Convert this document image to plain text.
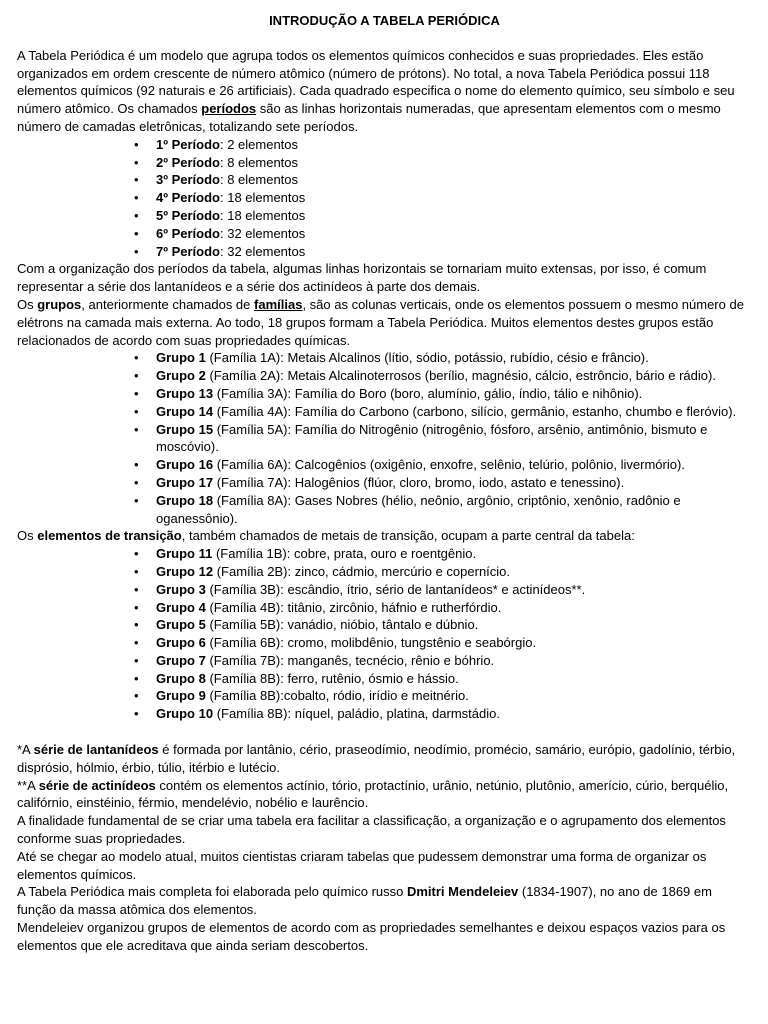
INTRODUÇÃO A TABELA PERIÓDICA

A Tabela Periódica é um modelo que agrupa todos os elementos químicos conhecidos e suas propriedades. Eles estão organizados em ordem crescente de número atômico (número de prótons). No total, a nova Tabela Periódica possui 118 elementos químicos (92 naturais e 26 artificiais). Cada quadrado especifica o nome do elemento químico, seu símbolo e seu número atômico. Os chamados períodos são as linhas horizontais numeradas, que apresentam elementos com o mesmo número de camadas eletrônicas, totalizando sete períodos.

• 1º Período: 2 elementos
• 2º Período: 8 elementos
• 3º Período: 8 elementos
• 4º Período: 18 elementos
• 5º Período: 18 elementos
• 6º Período: 32 elementos
• 7º Período: 32 elementos

Com a organização dos períodos da tabela, algumas linhas horizontais se tornariam muito extensas, por isso, é comum representar a série dos lantanídeos e a série dos actinídeos à parte dos demais.

Os grupos, anteriormente chamados de famílias, são as colunas verticais, onde os elementos possuem o mesmo número de elétrons na camada mais externa. Ao todo, 18 grupos formam a Tabela Periódica. Muitos elementos destes grupos estão relacionados de acordo com suas propriedades químicas.

• Grupo 1 (Família 1A): Metais Alcalinos (lítio, sódio, potássio, rubídio, césio e frâncio).
• Grupo 2 (Família 2A): Metais Alcalinoterrosos (berílio, magnésio, cálcio, estrôncio, bário e rádio).
• Grupo 13 (Família 3A): Família do Boro (boro, alumínio, gálio, índio, tálio e nihônio).
• Grupo 14 (Família 4A): Família do Carbono (carbono, silício, germânio, estanho, chumbo e fleróvio).
• Grupo 15 (Família 5A): Família do Nitrogênio (nitrogênio, fósforo, arsênio, antimônio, bismuto e moscóvio).
• Grupo 16 (Família 6A): Calcogênios (oxigênio, enxofre, selênio, telúrio, polônio, livermório).
• Grupo 17 (Família 7A): Halogênios (flúor, cloro, bromo, iodo, astato e tenessino).
• Grupo 18 (Família 8A): Gases Nobres (hélio, neônio, argônio, criptônio, xenônio, radônio e oganessônio).

Os elementos de transição, também chamados de metais de transição, ocupam a parte central da tabela:

• Grupo 11 (Família 1B): cobre, prata, ouro e roentgênio.
• Grupo 12 (Família 2B): zinco, cádmio, mercúrio e copernício.
• Grupo 3 (Família 3B): escândio, ítrio, sério de lantanídeos* e actinídeos**.
• Grupo 4 (Família 4B): titânio, zircônio, háfnio e rutherfórdio.
• Grupo 5 (Família 5B): vanádio, nióbio, tântalo e dúbnio.
• Grupo 6 (Família 6B): cromo, molibdênio, tungstênio e seabórgio.
• Grupo 7 (Família 7B): manganês, tecnécio, rênio e bóhrio.
• Grupo 8 (Família 8B): ferro, rutênio, ósmio e hássio.
• Grupo 9 (Família 8B):cobalto, ródio, irídio e meitnério.
• Grupo 10 (Família 8B): níquel, paládio, platina, darmstádio.

*A série de lantanídeos é formada por lantânio, cério, praseodímio, neodímio, promécio, samário, európio, gadolínio, térbio, disprósio, hólmio, érbio, túlio, itérbio e lutécio.

**A série de actinídeos contém os elementos actínio, tório, protactínio, urânio, netúnio, plutônio, amerício, cúrio, berquélio, califórnio, einstéinio, férmio, mendelévio, nobélio e laurêncio.

A finalidade fundamental de se criar uma tabela era facilitar a classificação, a organização e o agrupamento dos elementos conforme suas propriedades.

Até se chegar ao modelo atual, muitos cientistas criaram tabelas que pudessem demonstrar uma forma de organizar os elementos químicos.

A Tabela Periódica mais completa foi elaborada pelo químico russo Dmitri Mendeleiev (1834-1907), no ano de 1869 em função da massa atômica dos elementos.

Mendeleiev organizou grupos de elementos de acordo com as propriedades semelhantes e deixou espaços vazios para os elementos que ele acreditava que ainda seriam descobertos.
